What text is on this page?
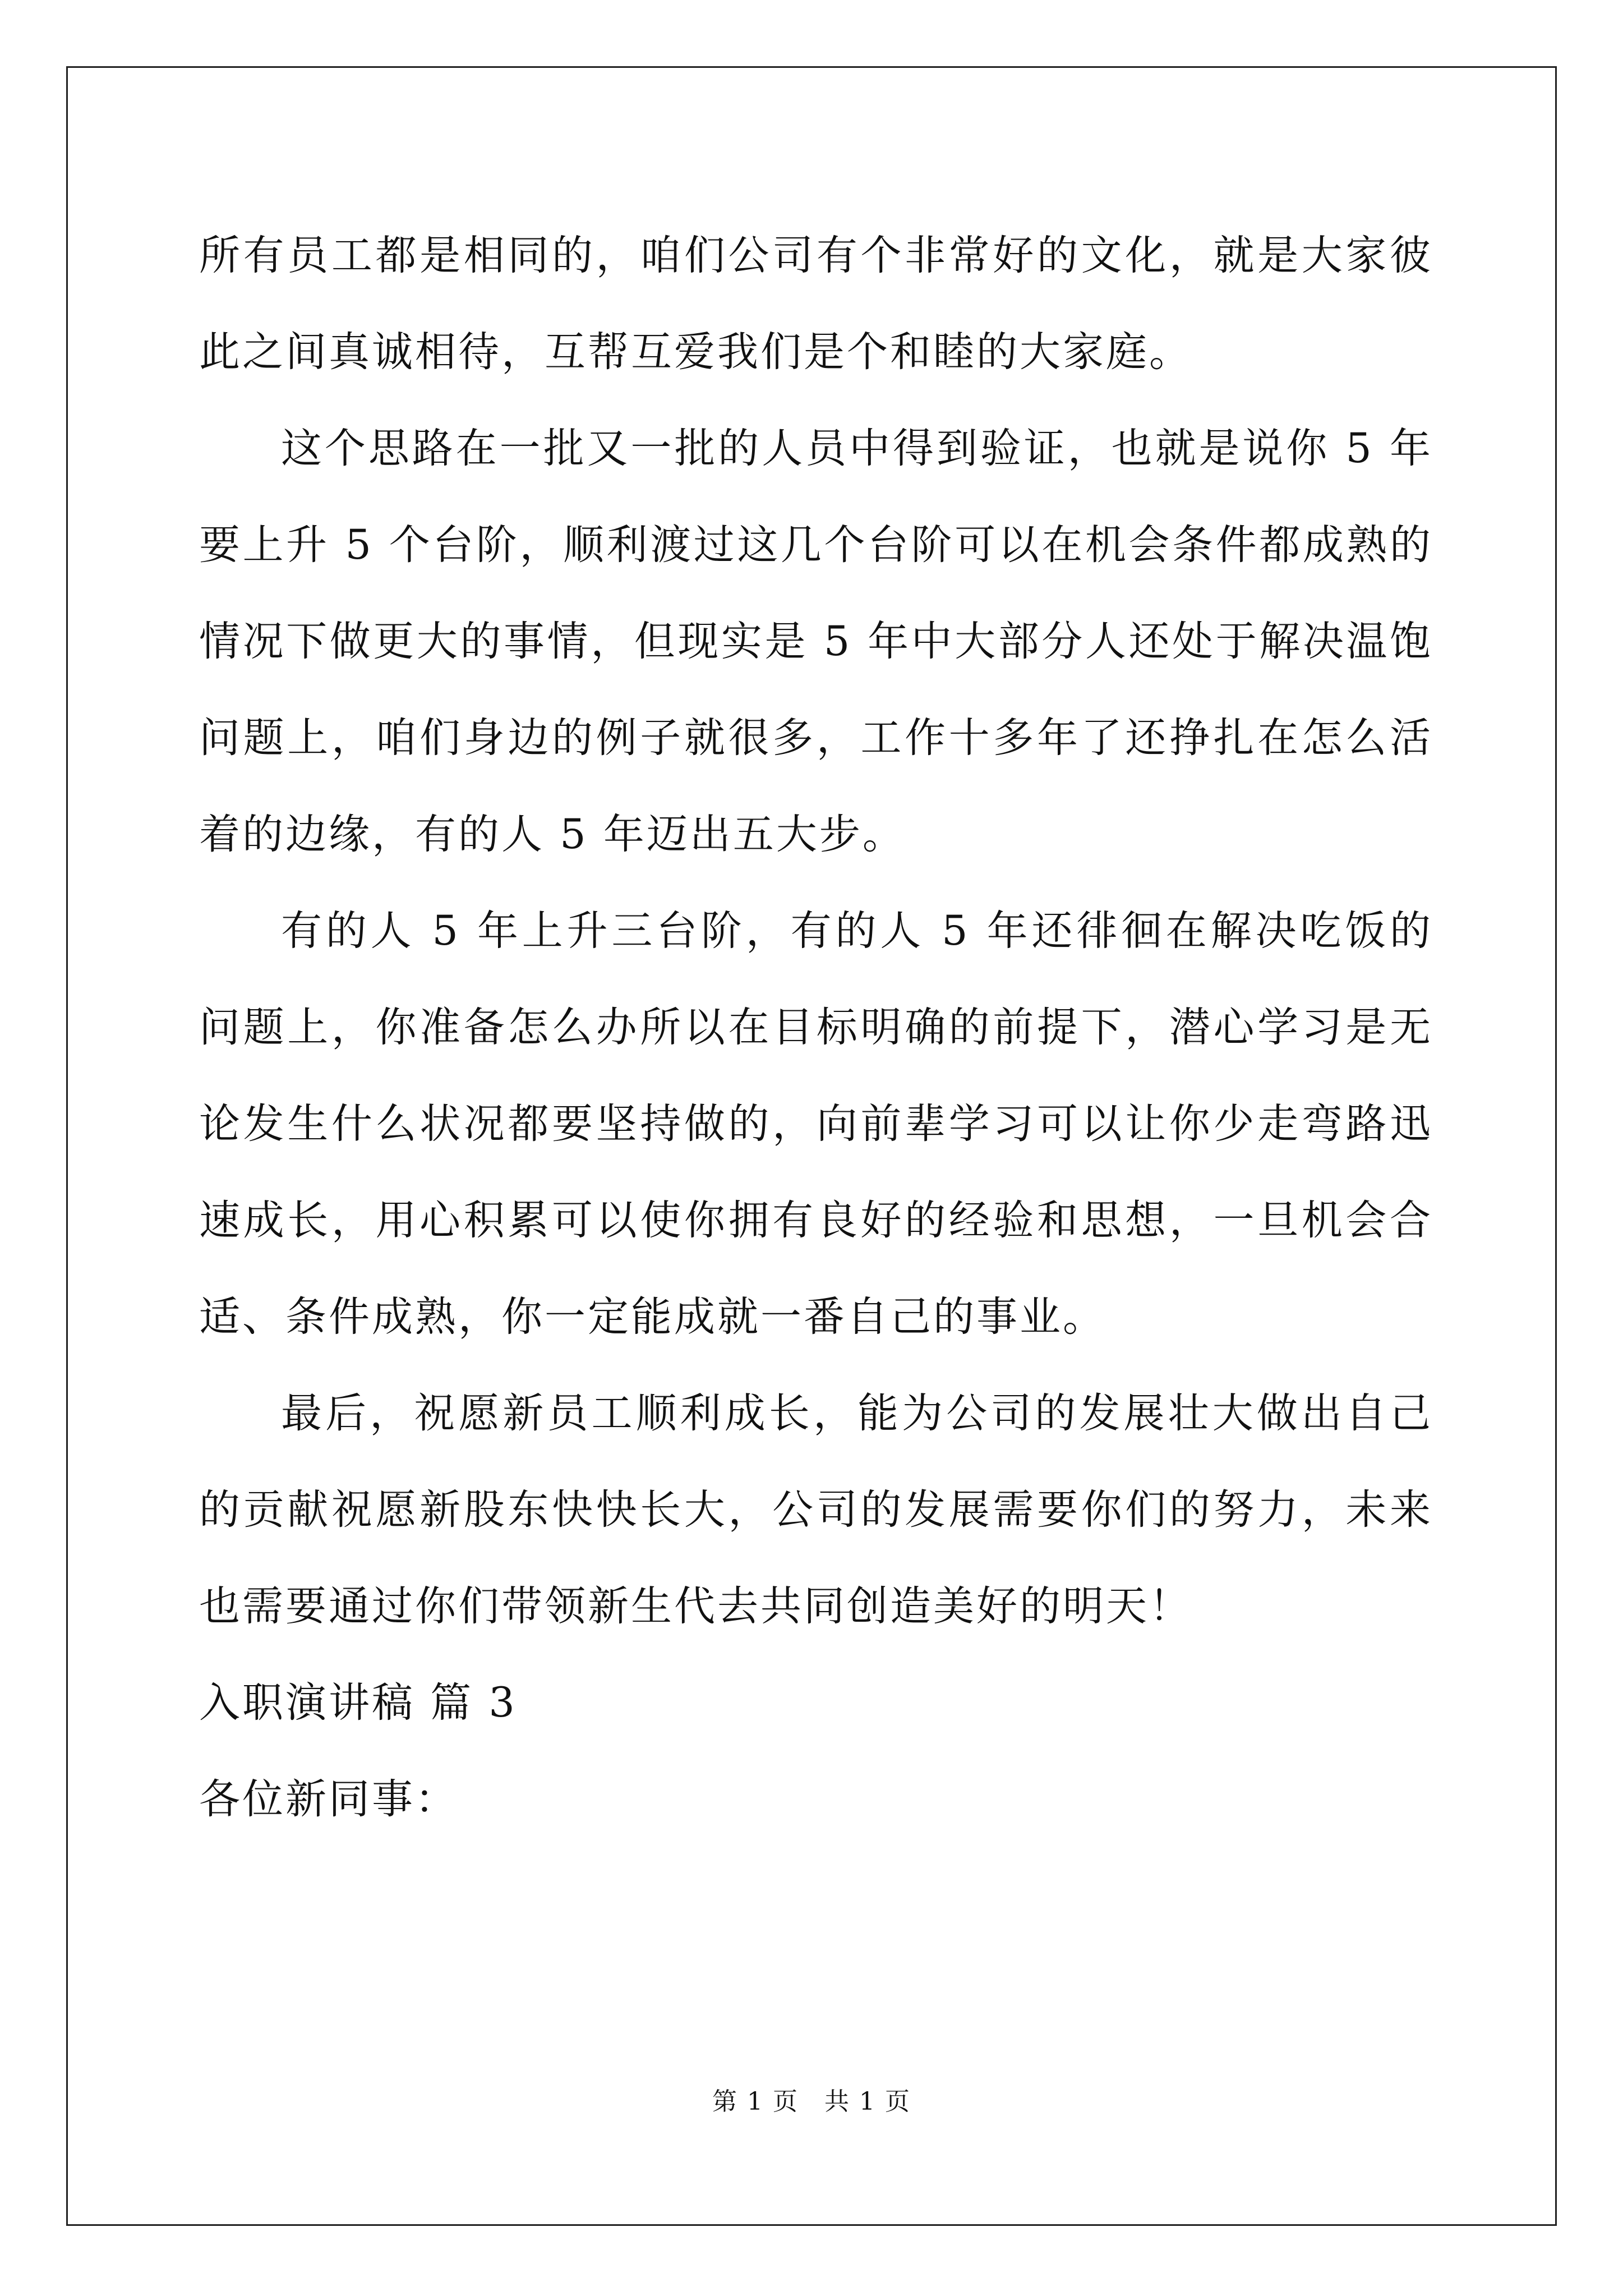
所有员工都是相同的，咱们公司有个非常好的文化，就是大家彼此之间真诚相待，互帮互爱我们是个和睦的大家庭。

这个思路在一批又一批的人员中得到验证，也就是说你 5 年要上升 5 个台阶，顺利渡过这几个台阶可以在机会条件都成熟的情况下做更大的事情，但现实是 5 年中大部分人还处于解决温饱问题上，咱们身边的例子就很多，工作十多年了还挣扎在怎么活着的边缘，有的人 5 年迈出五大步。

有的人 5 年上升三台阶，有的人 5 年还徘徊在解决吃饭的问题上，你准备怎么办所以在目标明确的前提下，潜心学习是无论发生什么状况都要坚持做的，向前辈学习可以让你少走弯路迅速成长，用心积累可以使你拥有良好的经验和思想，一旦机会合适、条件成熟，你一定能成就一番自己的事业。

最后，祝愿新员工顺利成长，能为公司的发展壮大做出自己的贡献祝愿新股东快快长大，公司的发展需要你们的努力，未来也需要通过你们带领新生代去共同创造美好的明天！

入职演讲稿 篇 3

各位新同事：

第 1 页　共 1 页
